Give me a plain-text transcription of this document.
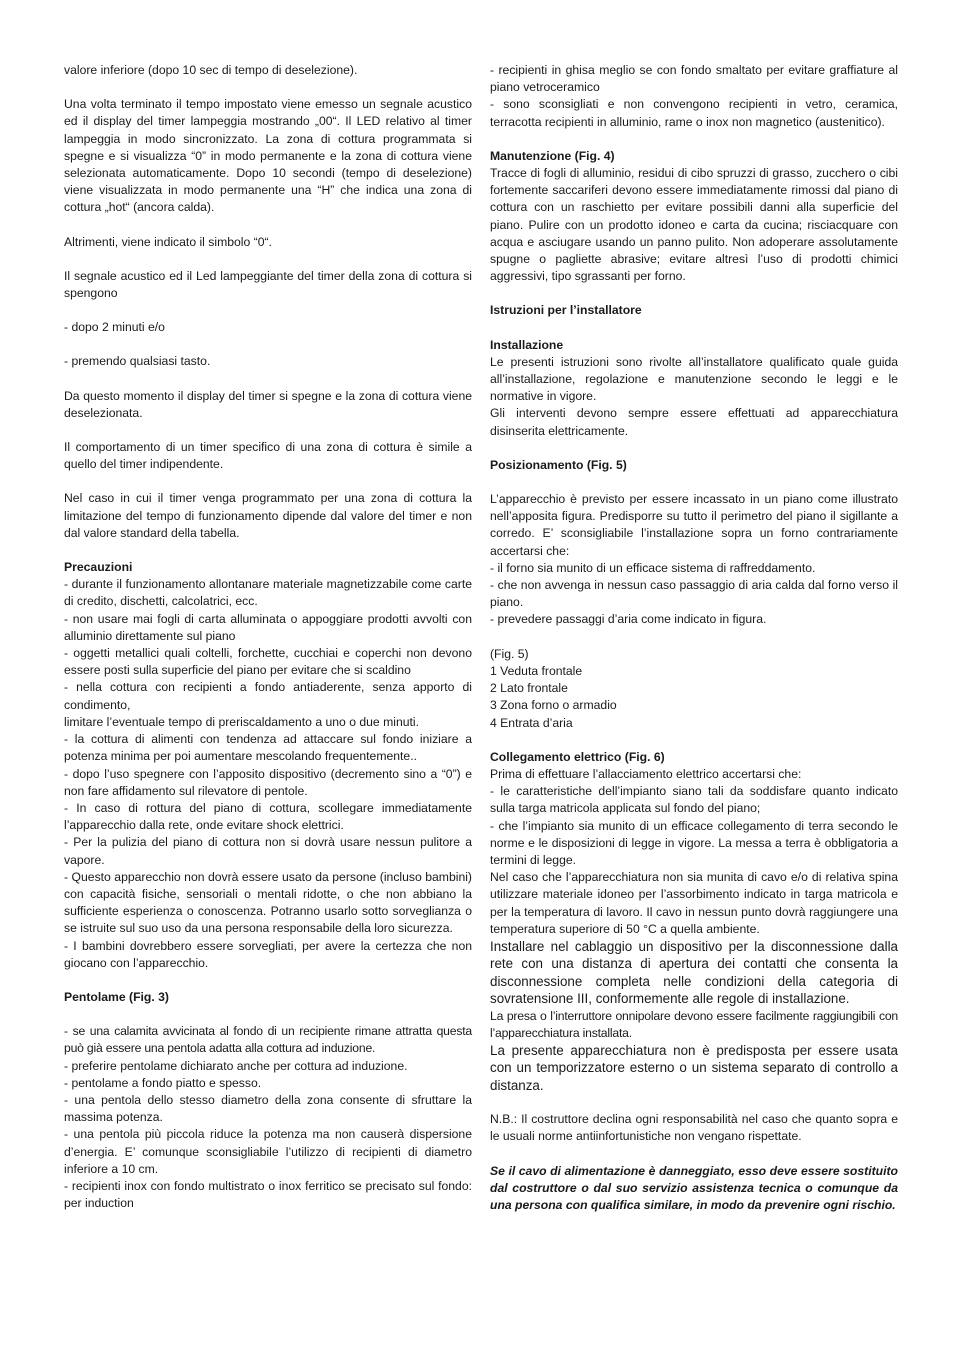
valore inferiore (dopo 10 sec di tempo di deselezione).

Una volta terminato il tempo impostato viene emesso un segnale acustico ed il display del timer lampeggia mostrando „00“. Il LED relativo al timer lampeggia in modo sincronizzato. La zona di cottura programmata si spegne e si visualizza “0” in modo permanente e la zona di cottura viene selezionata automaticamente. Dopo 10 secondi (tempo di deselezione) viene visualizzata in modo permanente una “H” che indica una zona di cottura „hot“ (ancora calda).

Altrimenti, viene indicato il simbolo “0“.

Il segnale acustico ed il Led lampeggiante del timer della zona di cottura si spengono

- dopo 2 minuti e/o

- premendo qualsiasi tasto.

Da questo momento il display del timer si spegne e la zona di cottura viene deselezionata.

Il comportamento di un timer specifico di una zona di cottura è simile a quello del timer indipendente.

Nel caso in cui il timer venga programmato per una zona di cottura la limitazione del tempo di funzionamento dipende dal valore del timer e non dal valore standard della tabella.

Precauzioni

- durante il funzionamento allontanare materiale magnetizzabile come carte di credito, dischetti, calcolatrici, ecc.

- non usare mai fogli di carta alluminata o appoggiare prodotti avvolti con alluminio direttamente sul piano

- oggetti metallici quali coltelli, forchette, cucchiai e coperchi non devono essere posti sulla superficie del piano per evitare che si scaldino

- nella cottura con recipienti a fondo antiaderente, senza apporto di condimento,

limitare l’eventuale tempo di preriscaldamento a uno o due minuti.

- la cottura di alimenti con tendenza ad attaccare sul fondo iniziare a potenza minima per poi aumentare mescolando frequentemente..

- dopo l’uso spegnere con l’apposito dispositivo (decremento sino a “0”) e non fare affidamento sul rilevatore di pentole.

- In caso di rottura del piano di cottura, scollegare immediatamente l’apparecchio dalla rete, onde evitare shock elettrici.

- Per la pulizia del piano di cottura non si dovrà usare nessun pulitore a vapore.

- Questo apparecchio non dovrà essere usato da persone (incluso bambini) con capacità fisiche, sensoriali o mentali ridotte, o che non abbiano la sufficiente esperienza o conoscenza. Potranno usarlo sotto sorveglianza o se istruite sul suo uso da una persona responsabile della loro sicurezza.

- I bambini dovrebbero essere sorvegliati, per avere la certezza che non giocano con l’apparecchio.

Pentolame (Fig. 3)

- se una calamita avvicinata al fondo di un recipiente rimane attratta questa può già essere una pentola adatta alla cottura ad induzione.

- preferire pentolame dichiarato anche per cottura ad induzione.

- pentolame a fondo piatto e spesso.

- una pentola dello stesso diametro della zona consente di sfruttare la massima potenza.

- una pentola più piccola riduce la potenza ma non causerà dispersione d’energia. E’ comunque sconsigliabile l’utilizzo di recipienti di diametro inferiore a 10 cm.

- recipienti inox con fondo multistrato o inox ferritico se precisato sul fondo: per induction

- recipienti in ghisa meglio se con fondo smaltato per evitare graffiature al piano vetroceramico

- sono sconsigliati e non convengono recipienti in vetro, ceramica, terracotta recipienti in alluminio, rame o inox non magnetico (austenitico).

Manutenzione (Fig. 4)

Tracce di fogli di alluminio, residui di cibo spruzzi di grasso, zucchero o cibi fortemente saccariferi devono essere immediatamente rimossi dal piano di cottura con un raschietto per evitare possibili danni alla superficie del piano. Pulire con un prodotto idoneo e carta da cucina; risciacquare con acqua e asciugare usando un panno pulito. Non adoperare assolutamente spugne o pagliette abrasive; evitare altresì l’uso di prodotti chimici aggressivi, tipo sgrassanti per forno.

Istruzioni per l’installatore

Installazione

Le presenti istruzioni sono rivolte all’installatore qualificato quale guida all’installazione, regolazione e manutenzione secondo le leggi e le normative in vigore.

Gli interventi devono sempre essere effettuati ad apparecchiatura disinserita elettricamente.

Posizionamento (Fig. 5)

L’apparecchio è previsto per essere incassato in un piano come illustrato nell’apposita figura. Predisporre su tutto il perimetro del piano il sigillante a corredo. E’ sconsigliabile l’installazione sopra un forno contrariamente accertarsi che:

- il forno sia munito di un efficace sistema di raffreddamento.

- che non avvenga in nessun caso passaggio di aria calda dal forno verso il piano.

- prevedere passaggi d’aria come indicato in figura.

(Fig. 5)

1 Veduta frontale

2 Lato frontale

3 Zona forno o armadio

4 Entrata d’aria

Collegamento elettrico (Fig. 6)

Prima di effettuare l’allacciamento elettrico accertarsi che:

- le caratteristiche dell’impianto siano tali da soddisfare quanto indicato sulla targa matricola applicata sul fondo del piano;

- che l’impianto sia munito di un efficace collegamento di terra secondo le norme e le disposizioni di legge in vigore. La messa a terra è obbligatoria a termini di legge.

Nel caso che l’apparecchiatura non sia munita di cavo e/o di relativa spina utilizzare materiale idoneo per l’assorbimento indicato in targa matricola e per la temperatura di lavoro. Il cavo in nessun punto dovrà raggiungere una temperatura superiore di 50 °C a quella ambiente.

Installare nel cablaggio un dispositivo per la disconnessione dalla rete con una distanza di apertura dei contatti che consenta la disconnessione completa nelle condizioni della categoria di sovratensione III, conformemente alle regole di installazione.

La presa o l’interruttore onnipolare devono essere facilmente raggiungibili con l’apparecchiatura installata.

La presente apparecchiatura non è predisposta per essere usata con un temporizzatore esterno o un sistema separato di controllo a distanza.

N.B.: Il costruttore declina ogni responsabilità nel caso che quanto sopra e le usuali norme antiinfortunistiche non vengano rispettate.

Se il cavo di alimentazione è danneggiato, esso deve essere sostituito dal costruttore o dal suo servizio assistenza tecnica o comunque da una persona con qualifica similare, in modo da prevenire ogni rischio.
